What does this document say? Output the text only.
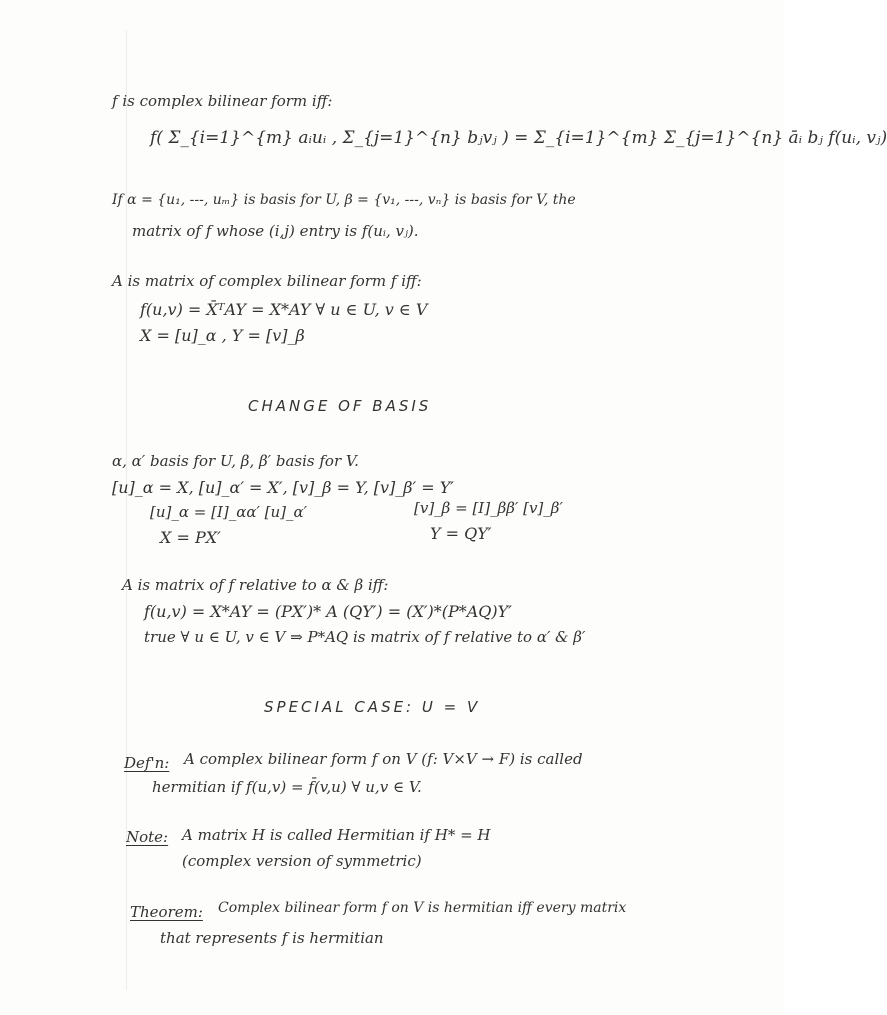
f is complex bilinear form iff:
f( Σ_{i=1}^{m} aᵢuᵢ , Σ_{j=1}^{n} bⱼvⱼ ) = Σ_{i=1}^{m} Σ_{j=1}^{n} āᵢ bⱼ f(uᵢ, vⱼ)
If α = {u₁, ---, uₘ} is basis for U, β = {v₁, ---, vₙ} is basis for V, the
matrix of f whose (i,j) entry is f(uᵢ, vⱼ).
A is matrix of complex bilinear form f iff:
f(u,v) = X̄ᵀAY = X*AY ∀ u ∈ U, v ∈ V
X = [u]_α , Y = [v]_β
CHANGE OF BASIS
α, α′ basis for U, β, β′ basis for V.
[u]_α = X, [u]_α′ = X′, [v]_β = Y, [v]_β′ = Y′
[u]_α = [I]_αα′ [u]_α′	[v]_β = [I]_ββ′ [v]_β′
X = PX′	Y = QY′
A is matrix of f relative to α & β iff:
f(u,v) = X*AY = (PX′)* A (QY′) = (X′)*(P*AQ)Y′
true ∀ u ∈ U, v ∈ V ⇒ P*AQ is matrix of f relative to α′ & β′
SPECIAL CASE: U = V
Def'n: A complex bilinear form f on V (f: V×V → F) is called
hermitian if f(u,v) = f̄(v,u) ∀ u,v ∈ V.
Note: A matrix H is called Hermitian if H* = H
(complex version of symmetric)
Theorem: Complex bilinear form f on V is hermitian iff every matrix
that represents f is hermitian
